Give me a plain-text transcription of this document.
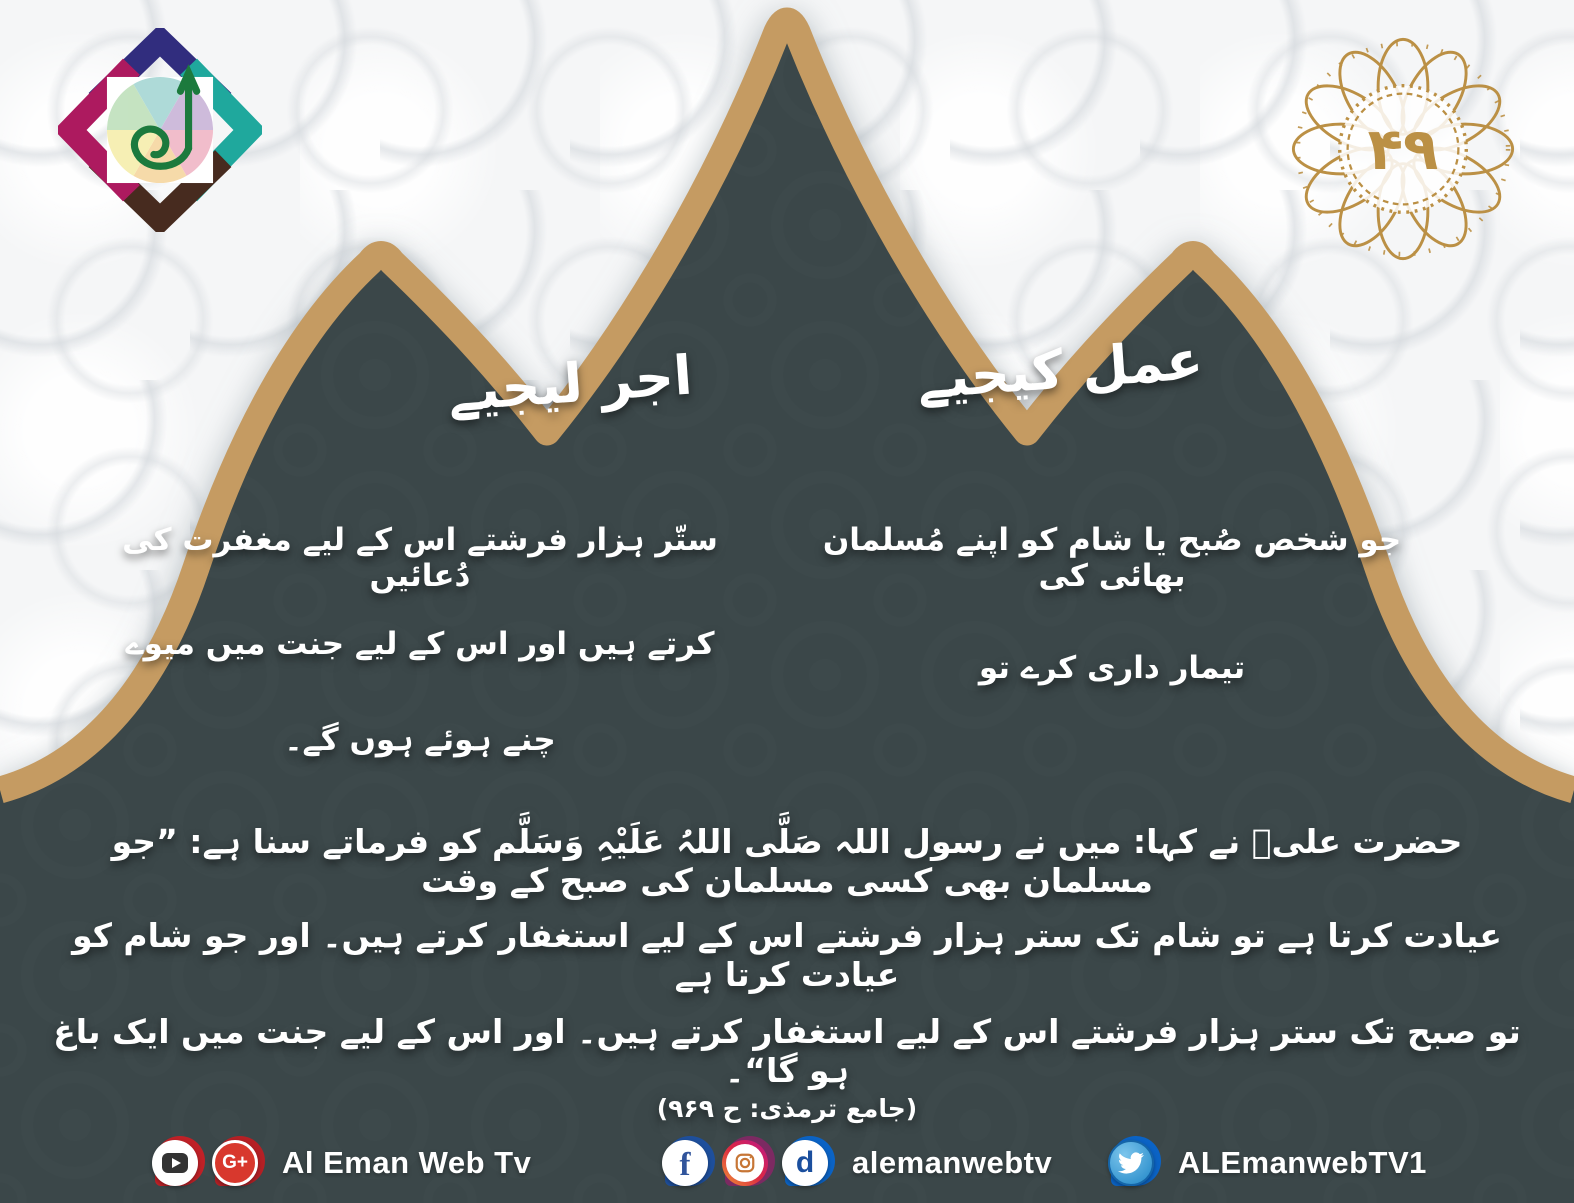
۴۹
عمل کیجیے
اجر لیجیے
جو شخص صُبح یا شام کو اپنے مُسلمان بھائی کی
تیمار داری کرے تو
ستّر ہزار فرشتے اس کے لیے مغفرت کی دُعائیں
کرتے ہیں اور اس کے لیے جنت میں میوے
چنے ہوئے ہوں گے۔
حضرت علیؓ نے کہا: میں نے رسول اللہ صَلَّی اللہُ عَلَیْہِ وَسَلَّم کو فرماتے سنا ہے: ”جو مسلمان بھی کسی مسلمان کی صبح کے وقت
عیادت کرتا ہے تو شام تک ستر ہزار فرشتے اس کے لیے استغفار کرتے ہیں۔ اور جو شام کو عیادت کرتا ہے
تو صبح تک ستر ہزار فرشتے اس کے لیے استغفار کرتے ہیں۔ اور اس کے لیے جنت میں ایک باغ ہو گا“۔
(جامع ترمذی: ح ۹۶۹)
G+	Al Eman Web Tv	f	d alemanwebtv	ALEmanwebTV1
